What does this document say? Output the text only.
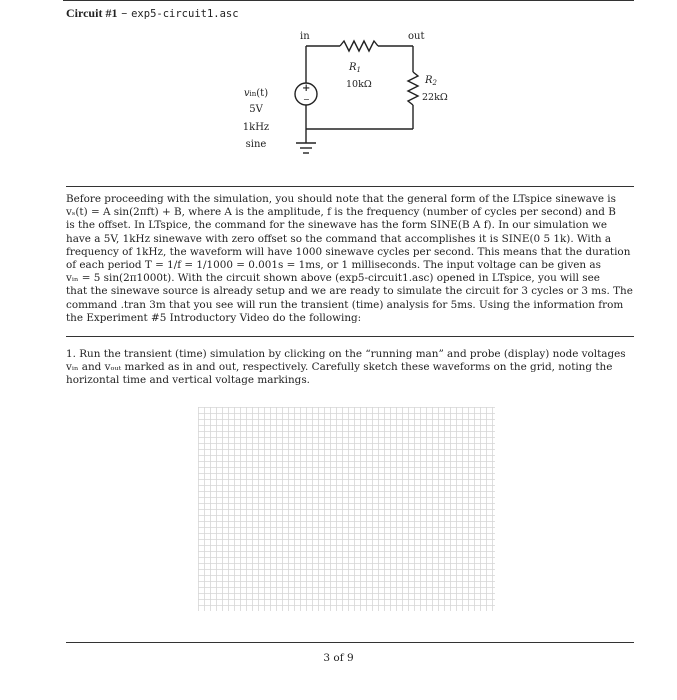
Circuit #1 – exp5-circuit1.asc
in	out
$R_1$
10kΩ	$R_2$
22kΩ
+
−
vin(t)
5V
1kHz
sine
Before proceeding with the simulation, you should note that the general form of the LTspice sinewave is
vₛ(t) = A sin(2πft) + B, where A is the amplitude, f is the frequency (number of cycles per second) and B
is the offset. In LTspice, the command for the sinewave has the form SINE(B A f). In our simulation we
have a 5V, 1kHz sinewave with zero offset so the command that accomplishes it is SINE(0 5 1k). With a
frequency of 1kHz, the waveform will have 1000 sinewave cycles per second. This means that the duration
of each period T = 1/f = 1/1000 = 0.001s = 1ms, or 1 milliseconds. The input voltage can be given as
vᵢₙ = 5 sin(2π1000t). With the circuit shown above (exp5-circuit1.asc) opened in LTspice, you will see
that the sinewave source is already setup and we are ready to simulate the circuit for 3 cycles or 3 ms. The
command .tran 3m that you see will run the transient (time) analysis for 5ms. Using the information from
the Experiment #5 Introductory Video do the following:
1. Run the transient (time) simulation by clicking on the “running man” and probe (display) node voltages
vᵢₙ and vₒᵤₜ marked as in and out, respectively. Carefully sketch these waveforms on the grid, noting the
horizontal time and vertical voltage markings.
3 of 9
